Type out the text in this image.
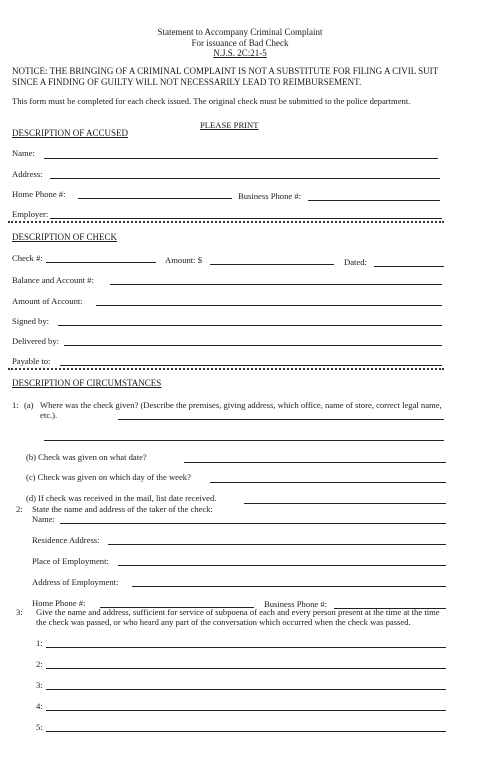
Statement to Accompany Criminal Complaint
For issuance of Bad Check
N.J.S. 2C:21-5
NOTICE: THE BRINGING OF A CRIMINAL COMPLAINT IS NOT A SUBSTITUTE FOR FILING A CIVIL SUIT SINCE A FINDING OF GUILTY WILL NOT NECESSARILY LEAD TO REIMBURSEMENT.
This form must be completed for each check issued. The original check must be submitted to the police department.
PLEASE PRINT
DESCRIPTION OF ACCUSED
Name:
Address:
Home Phone #:	Business Phone #:
Employer:
DESCRIPTION OF CHECK
Check #:	Amount: $	Dated:
Balance and Account #:
Amount of Account:
Signed by:
Delivered by:
Payable to:
DESCRIPTION OF CIRCUMSTANCES
1: (a) Where was the check given? (Describe the premises, giving address, which office, name of store, correct legal name, etc.).
(b) Check was given on what date?
(c) Check was given on which day of the week?
(d) If check was received in the mail, list date received.
2: State the name and address of the taker of the check:
Name:
Residence Address:
Place of Employment:
Address of Employment:
Home Phone #:	Business Phone #:
3: Give the name and address, sufficient for service of subpoena of each and every person present at the time at the time the check was passed, or who heard any part of the conversation which occurred when the check was passed.
1:
2:
3:
4:
5:
